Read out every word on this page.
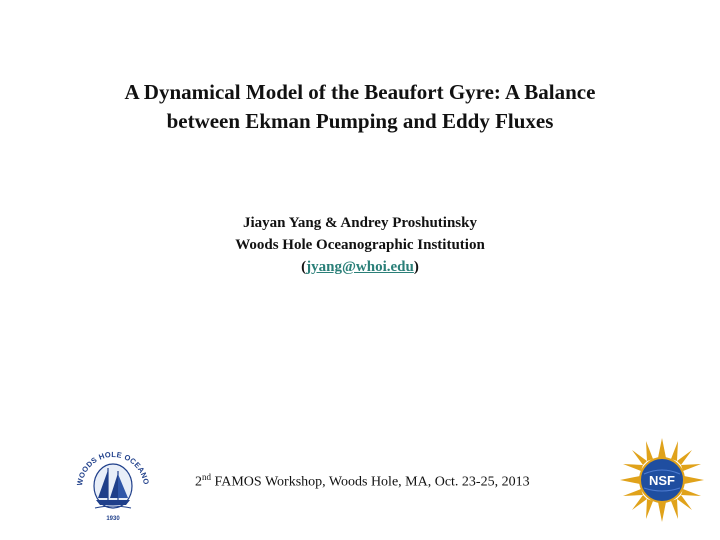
A Dynamical Model of the Beaufort Gyre: A Balance
between Ekman Pumping and Eddy Fluxes
Jiayan Yang & Andrey Proshutinsky
Woods Hole Oceanographic Institution
(jyang@whoi.edu)
WOODS HOLE OCEANO
1930
2nd FAMOS Workshop, Woods Hole, MA, Oct. 23-25, 2013	NSF
